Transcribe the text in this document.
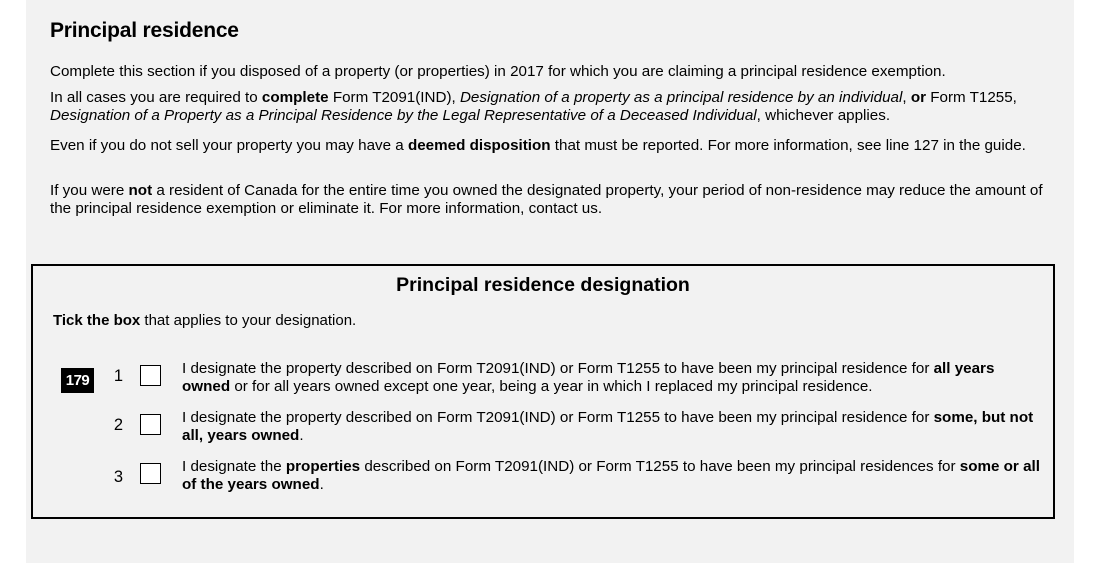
Principal residence

Complete this section if you disposed of a property (or properties) in 2017 for which you are claiming a principal residence exemption.

In all cases you are required to complete Form T2091(IND), Designation of a property as a principal residence by an individual, or Form T1255, Designation of a Property as a Principal Residence by the Legal Representative of a Deceased Individual, whichever applies.

Even if you do not sell your property you may have a deemed disposition that must be reported. For more information, see line 127 in the guide.

If you were not a resident of Canada for the entire time you owned the designated property, your period of non-residence may reduce the amount of the principal residence exemption or eliminate it. For more information, contact us.

Principal residence designation

Tick the box that applies to your designation.

179 1	I designate the property described on Form T2091(IND) or Form T1255 to have been my principal residence for all years owned or for all years owned except one year, being a year in which I replaced my principal residence.

2	I designate the property described on Form T2091(IND) or Form T1255 to have been my principal residence for some, but not all, years owned.

3

I designate the properties described on Form T2091(IND) or Form T1255 to have been my principal residences for some or all of the years owned.
